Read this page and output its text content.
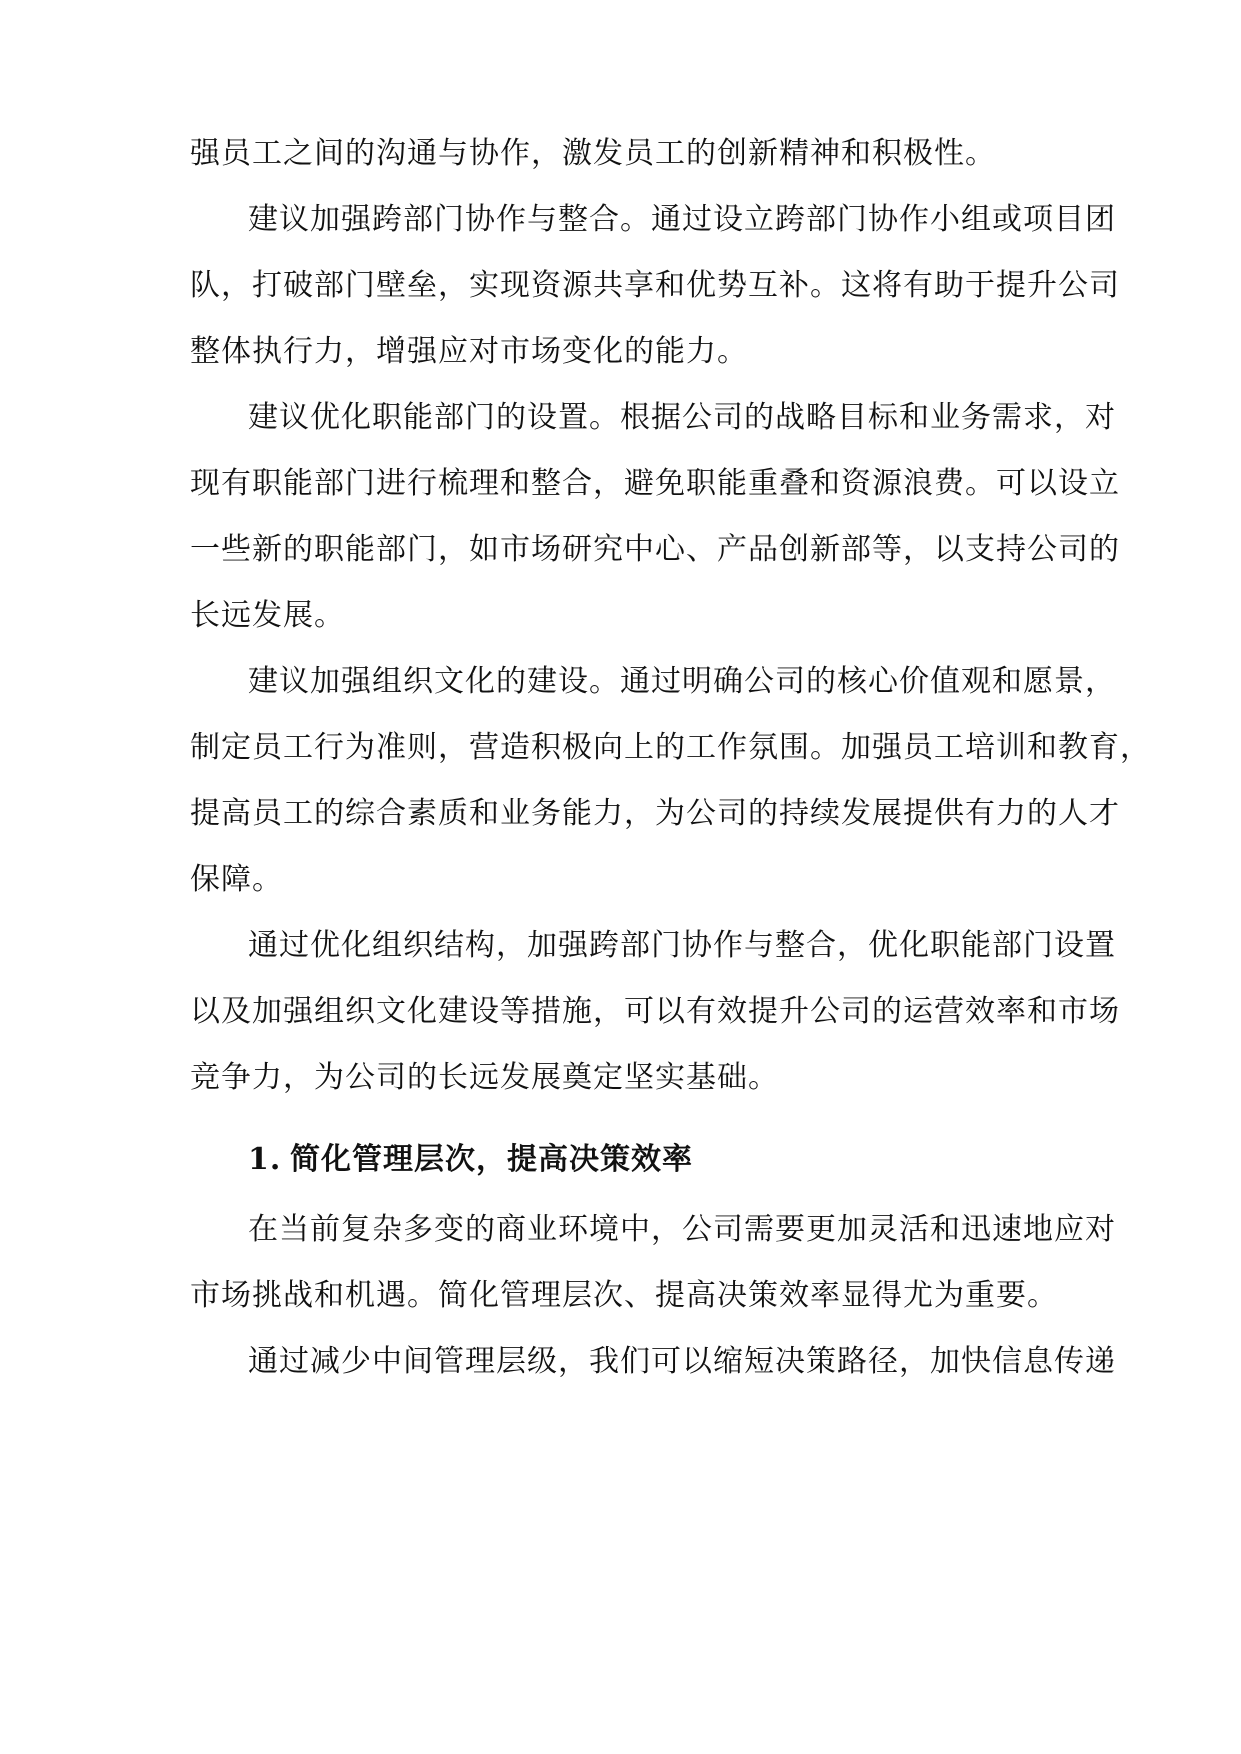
强员工之间的沟通与协作，激发员工的创新精神和积极性。
建议加强跨部门协作与整合。通过设立跨部门协作小组或项目团
队，打破部门壁垒，实现资源共享和优势互补。这将有助于提升公司
整体执行力，增强应对市场变化的能力。
建议优化职能部门的设置。根据公司的战略目标和业务需求，对
现有职能部门进行梳理和整合，避免职能重叠和资源浪费。可以设立
一些新的职能部门，如市场研究中心、产品创新部等，以支持公司的
长远发展。
建议加强组织文化的建设。通过明确公司的核心价值观和愿景，
制定员工行为准则，营造积极向上的工作氛围。加强员工培训和教育，
提高员工的综合素质和业务能力，为公司的持续发展提供有力的人才
保障。
通过优化组织结构，加强跨部门协作与整合，优化职能部门设置
以及加强组织文化建设等措施，可以有效提升公司的运营效率和市场
竞争力，为公司的长远发展奠定坚实基础。
1. 简化管理层次，提高决策效率
在当前复杂多变的商业环境中，公司需要更加灵活和迅速地应对
市场挑战和机遇。简化管理层次、提高决策效率显得尤为重要。
通过减少中间管理层级，我们可以缩短决策路径，加快信息传递
